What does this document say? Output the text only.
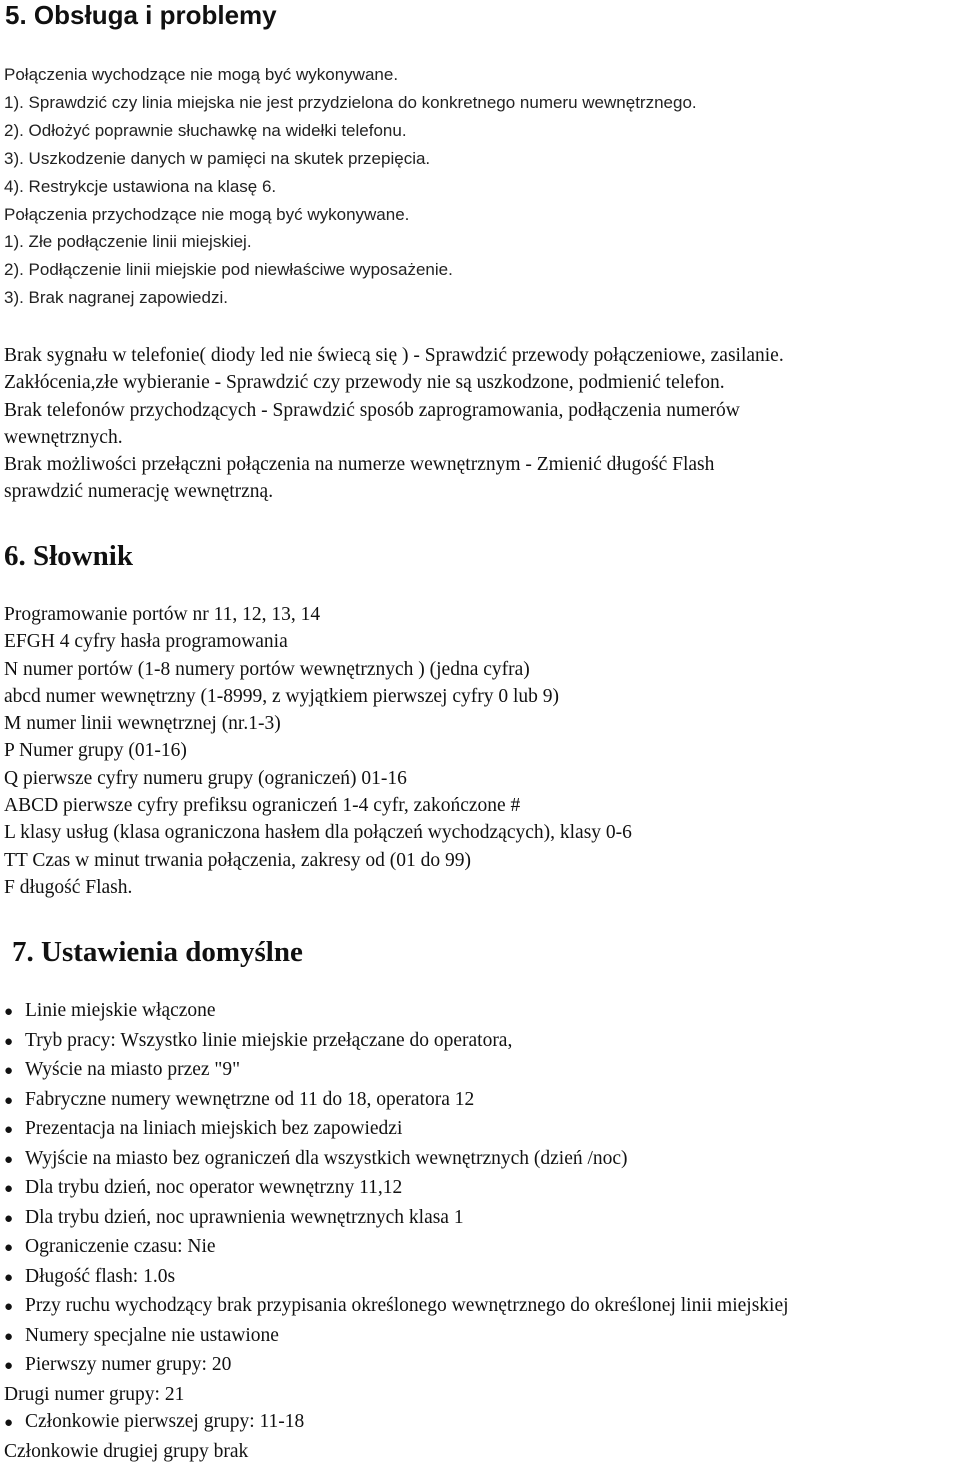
5. Obsługa i problemy
Połączenia wychodzące nie mogą być wykonywane.
1). Sprawdzić czy linia miejska nie jest przydzielona do konkretnego numeru wewnętrznego.
2). Odłożyć poprawnie słuchawkę na widełki telefonu.
3). Uszkodzenie danych w pamięci na skutek przepięcia.
4). Restrykcje ustawiona na klasę 6.
Połączenia przychodzące nie mogą być wykonywane.
1). Złe podłączenie linii miejskiej.
2). Podłączenie linii miejskie pod niewłaściwe wyposażenie.
3). Brak nagranej zapowiedzi.
Brak sygnału w telefonie( diody led nie świecą się ) - Sprawdzić przewody połączeniowe, zasilanie.
Zakłócenia,złe wybieranie - Sprawdzić czy przewody nie są uszkodzone, podmienić telefon.
Brak telefonów przychodzących - Sprawdzić sposób zaprogramowania, podłączenia numerów
wewnętrznych.
Brak możliwości przełączni połączenia na numerze wewnętrznym - Zmienić długość Flash
sprawdzić numerację wewnętrzną.
6. Słownik
Programowanie portów nr 11, 12, 13, 14
EFGH 4 cyfry hasła programowania
N numer portów (1-8 numery portów wewnętrznych ) (jedna cyfra)
abcd numer wewnętrzny (1-8999, z wyjątkiem pierwszej cyfry 0 lub 9)
M numer linii wewnętrznej (nr.1-3)
P Numer grupy (01-16)
Q pierwsze cyfry numeru grupy (ograniczeń) 01-16
ABCD pierwsze cyfry prefiksu ograniczeń 1-4 cyfr, zakończone #
L klasy usług (klasa ograniczona hasłem dla połączeń wychodzących), klasy 0-6
TT Czas w minut trwania połączenia, zakresy od (01 do 99)
F długość Flash.
7. Ustawienia domyślne
● Linie miejskie włączone
● Tryb pracy: Wszystko linie miejskie przełączane do operatora,
● Wyście na miasto przez "9"
● Fabryczne numery wewnętrzne od 11 do 18, operatora 12
● Prezentacja na liniach miejskich bez zapowiedzi
● Wyjście na miasto bez ograniczeń dla wszystkich wewnętrznych (dzień /noc)
● Dla trybu dzień, noc operator wewnętrzny 11,12
● Dla trybu dzień, noc uprawnienia wewnętrznych klasa 1
● Ograniczenie czasu: Nie
● Długość flash: 1.0s
● Przy ruchu wychodzący brak przypisania określonego wewnętrznego do określonej linii miejskiej
● Numery specjalne nie ustawione
● Pierwszy numer grupy: 20
Drugi numer grupy: 21
● Członkowie pierwszej grupy: 11-18
Członkowie drugiej grupy brak
